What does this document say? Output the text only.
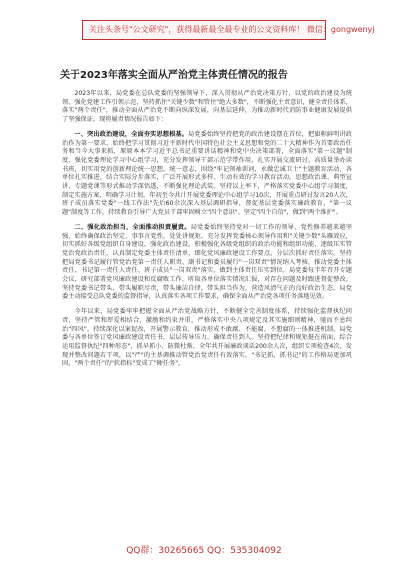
关注头条号"公文研究"，获得最新最全最专业的公文资料库！ 微信：gongwenyj
关于2023年落实全面从严治党主体责任情况的报告

2023年以来，局党委在总队党委的坚强领导下，深入贯彻从严治党决策方针，以党的政治建设为统领，强化党建工作引领示范，坚持抓住"关键少数"和管住"绝大多数"，不断强化主责意识，健全责任体系，落实"两个责任"，推动全面从严治党不断向纵深发展，向基层延伸，为推动新时代消防事业健康发展提供了坚强保证。现将履责情况报告如下：

一、突出政治建设，全面夯实思想根基。局党委始终坚持把党的政治建设摆在首位，把旗帜鲜明讲政治作为第一要求，始终把学习贯彻习近平新时代中国特色社会主义思想和党的二十大精神作为首要政治任务和当今大事来抓，原原本本学习近平总书记重要讲话精神和党中央决策部署，全面落实"第一议题"制度，强化党委理论学习中心组学习，充分发挥领导干部示范学带作用，扎实开展交流研讨，高质量举办读书班，切实用党的创新理论统一思想，统一意志，围绕"牢记领袖训词，永做忠诚卫士"主题教育活动，各单位扎实推进，结合实际分步落实，广泛开展形式多样、生动有效的学习教育活动。思想政治课、典型宣讲、专题党课等形式推动学深悟透，不断强化理论武装。坚持以上率下，严格落实党委中心组学习制度，制定实施方案，明确学习计划，年初至今共计开展党委理论中心组学习10次，开展重点研讨发言20人次，班子成员落实党委"一线工作法"先后60余次深入基层调研指导，督促基层党委落实廉政教育，"第一议题"制度等工作，持续教育引导广大党员干部牢固树立"四个意识"、坚定"四个自信"，做到"两个维护"。

二、强化政治担当，全面推动担责履责。局党委始终坚持党对一切工作的领导，党性修养越来越坚强，始终确保政治坚定、事事言党性，处处讲规矩。充分发挥党委核心领导作用和"关键少数"头雁效应，切实抓好各级党组织自身建设，强化政治建设。积极强化各级党组织的政治功能和组织功能，逐级压实管党治党政治责任，认真制定党委主体责任清单，细化党风廉政建设工作要点，分层次抓好责任落实。坚持把局党委书记履行管党治党第一责任人职责、副书记和委员履行"一岗双责"情况纳入考核，推动党委主体责任、书记第一责任人责任、班子成员"一岗双责"落实，做到主体责任压实到位。局党委每半年召开专题会议，研究部署党风廉政建设和反腐败工作，听取各单位落实情况汇报，对存在问题及时跟进督促整改。坚持党委书记带头，带头履职尽责，带头廉洁自律，带头担当作为，营造风清气正的良好政治生态。局党委主动接受总队党委的监督指导，认真落实各项工作要求，确保全面从严治党各项任务落地见效。

今年以来，局党委牢牢把握全面从严治党战略方针，不断健全完善制度体系，持续强化监督执纪问责，坚持严管和厚爱相结合，激励和约束并重，严格落实中央八项规定及其实施细则精神，驰而不息纠治"四风"。持续深化以案促改，开展警示教育，推动形成不敢腐、不能腐、不想腐的一体推进机制。局党委与各单位签订党风廉政建设责任书，层层传导压力，确保责任到人。坚持把纪律和规矩挺在前面，综合运用监督执纪"四种形态"，抓早抓小、防微杜渐。全年共开展廉政谈话200余人次，组织专项检查4次，发现并整改问题若干项，以"严"的主基调推动管党治党责任有效落实，"书记抓、抓书记"的工作格局更加巩固，"两个责任"的"软指标"变成了"硬任务"。

QQ群：30265665 QQ：535304092
